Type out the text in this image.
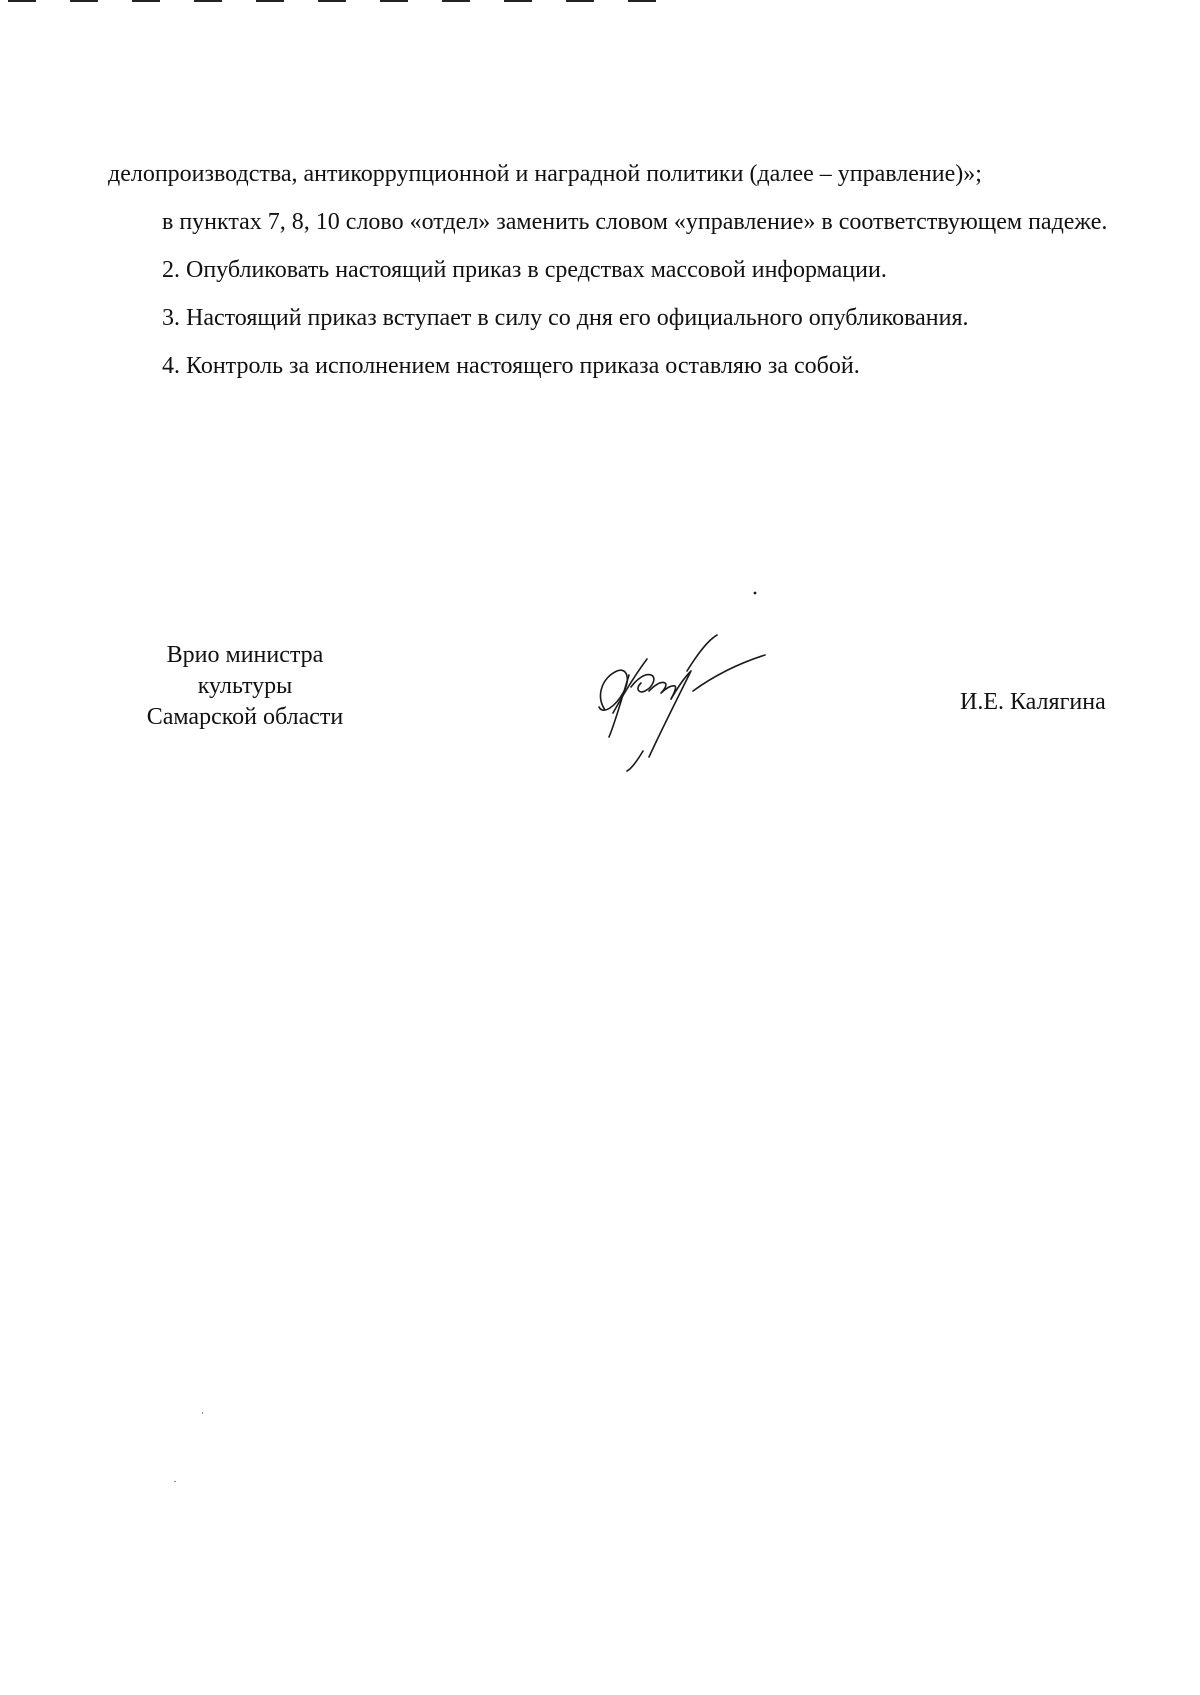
делопроизводства, антикоррупционной и наградной политики (далее – управление)»;

в пунктах 7, 8, 10 слово «отдел» заменить словом «управление» в соответствующем падеже.

2. Опубликовать настоящий приказ в средствах массовой информации.

3. Настоящий приказ вступает в силу со дня его официального опубликования.

4. Контроль за исполнением настоящего приказа оставляю за собой.

Врио министра
культуры
Самарской области
И.Е. Калягина
